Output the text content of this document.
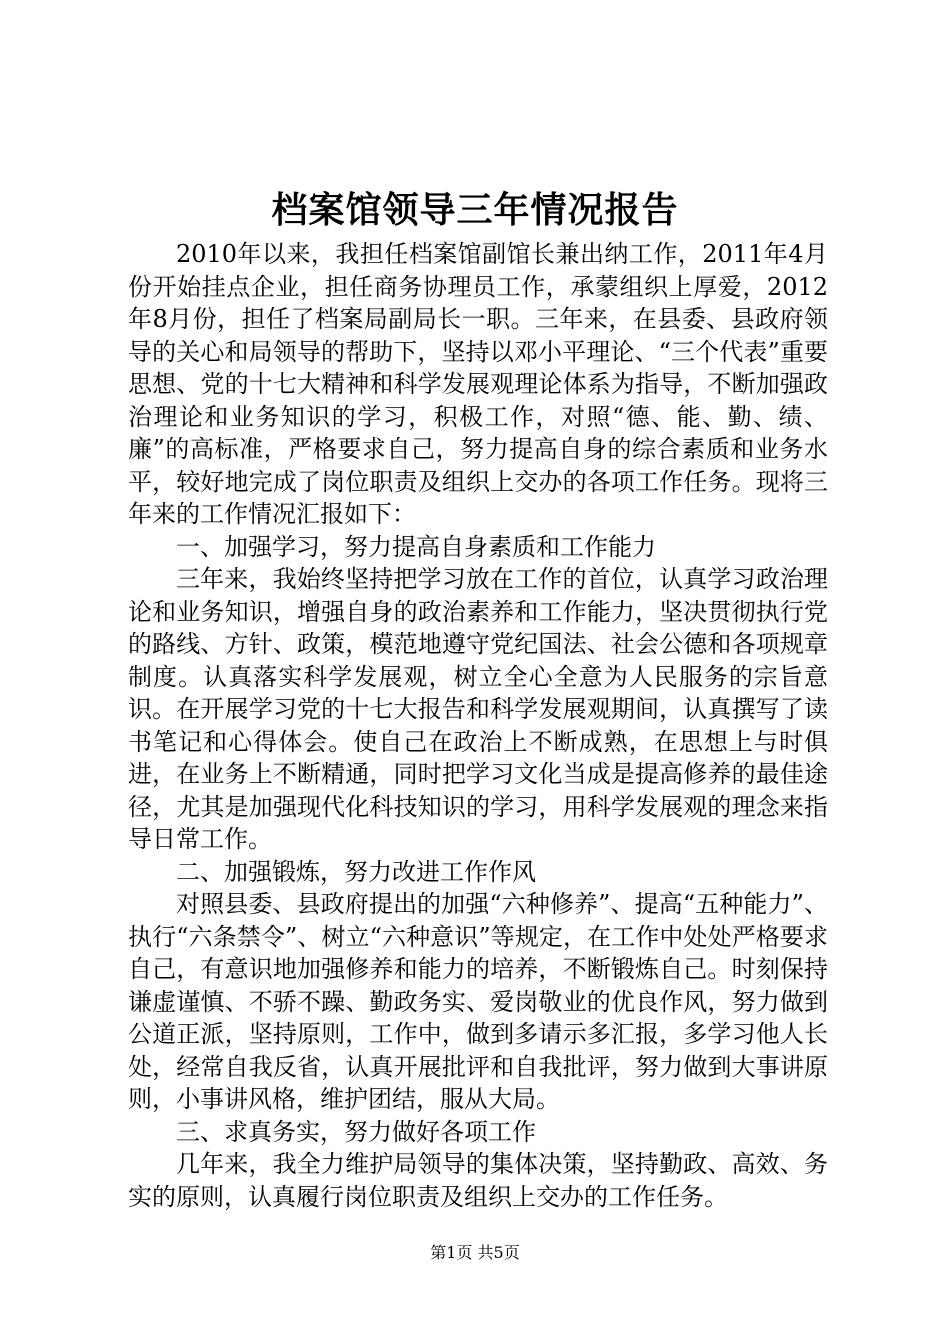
档案馆领导三年情况报告

2010年以来，我担任档案馆副馆长兼出纳工作，2011年4月份开始挂点企业，担任商务协理员工作，承蒙组织上厚爱，2012年8月份，担任了档案局副局长一职。三年来，在县委、县政府领导的关心和局领导的帮助下，坚持以邓小平理论、“三个代表”重要思想、党的十七大精神和科学发展观理论体系为指导，不断加强政治理论和业务知识的学习，积极工作，对照“德、能、勤、绩、廉”的高标准，严格要求自己，努力提高自身的综合素质和业务水平，较好地完成了岗位职责及组织上交办的各项工作任务。现将三年来的工作情况汇报如下：

一、加强学习，努力提高自身素质和工作能力

三年来，我始终坚持把学习放在工作的首位，认真学习政治理论和业务知识，增强自身的政治素养和工作能力，坚决贯彻执行党的路线、方针、政策，模范地遵守党纪国法、社会公德和各项规章制度。认真落实科学发展观，树立全心全意为人民服务的宗旨意识。在开展学习党的十七大报告和科学发展观期间，认真撰写了读书笔记和心得体会。使自己在政治上不断成熟，在思想上与时俱进，在业务上不断精通，同时把学习文化当成是提高修养的最佳途径，尤其是加强现代化科技知识的学习，用科学发展观的理念来指导日常工作。

二、加强锻炼，努力改进工作作风

对照县委、县政府提出的加强“六种修养”、提高“五种能力”、执行“六条禁令”、树立“六种意识”等规定，在工作中处处严格要求自己，有意识地加强修养和能力的培养，不断锻炼自己。时刻保持谦虚谨慎、不骄不躁、勤政务实、爱岗敬业的优良作风，努力做到公道正派，坚持原则，工作中，做到多请示多汇报，多学习他人长处，经常自我反省，认真开展批评和自我批评，努力做到大事讲原则，小事讲风格，维护团结，服从大局。

三、求真务实，努力做好各项工作

几年来，我全力维护局领导的集体决策，坚持勤政、高效、务实的原则，认真履行岗位职责及组织上交办的工作任务。

第1页 共5页
